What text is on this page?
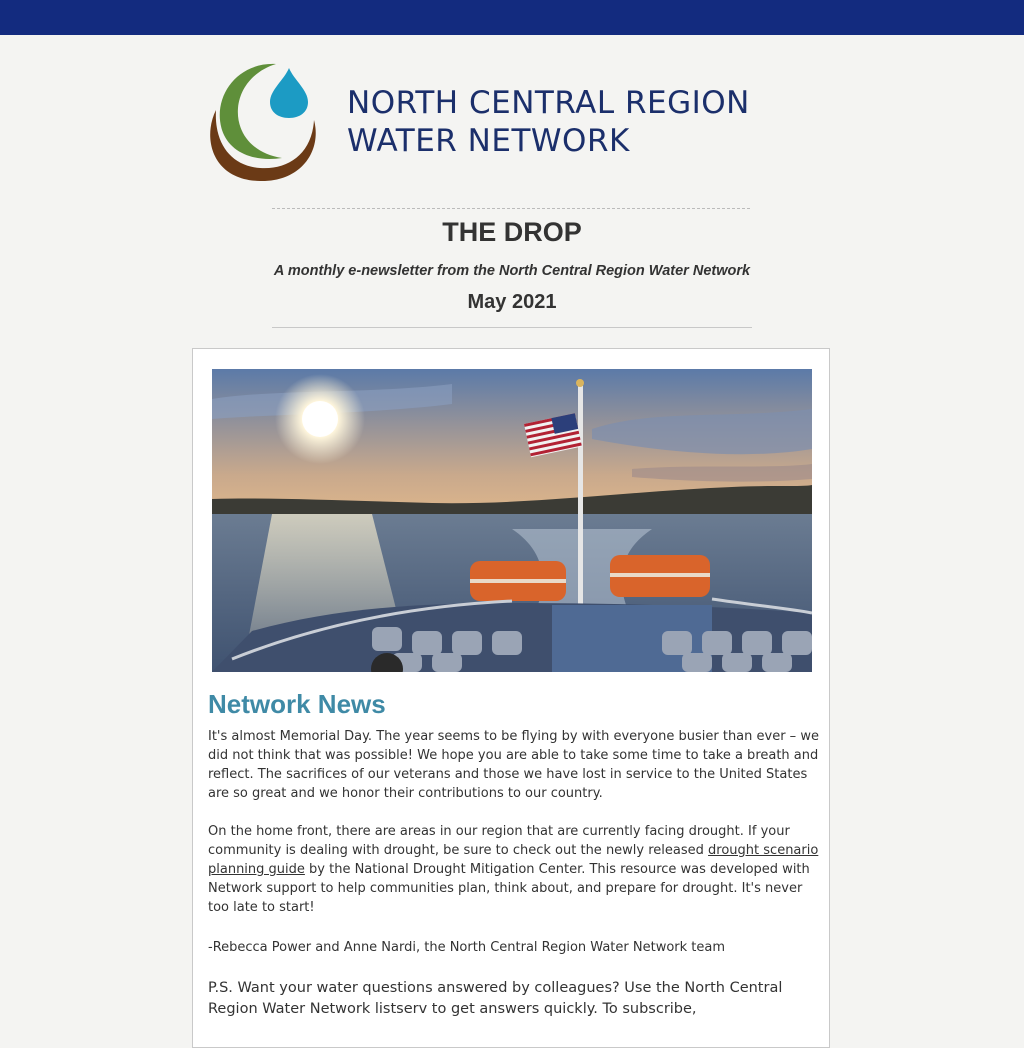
NORTH CENTRAL REGION
WATER NETWORK
THE DROP
A monthly e-newsletter from the North Central Region Water Network
May 2021
Network News

It's almost Memorial Day. The year seems to be flying by with everyone busier than ever – we did not think that was possible! We hope you are able to take some time to take a breath and reflect. The sacrifices of our veterans and those we have lost in service to the United States are so great and we honor their contributions to our country.

On the home front, there are areas in our region that are currently facing drought. If your community is dealing with drought, be sure to check out the newly released drought scenario planning guide by the National Drought Mitigation Center. This resource was developed with Network support to help communities plan, think about, and prepare for drought. It's never too late to start!

-Rebecca Power and Anne Nardi, the North Central Region Water Network team

P.S. Want your water questions answered by colleagues? Use the North Central Region Water Network listserv to get answers quickly. To subscribe,
